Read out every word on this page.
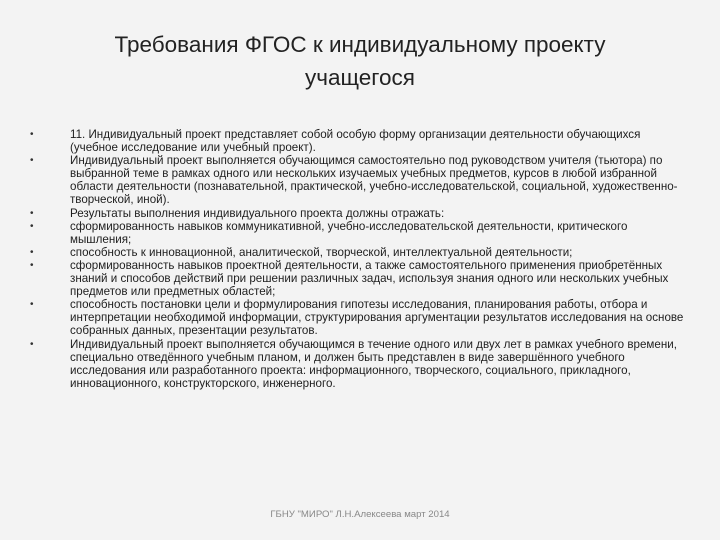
Требования ФГОС к индивидуальному проекту
учащегося
•	11. Индивидуальный проект представляет собой особую форму организации деятельности обучающихся (учебное исследование или учебный проект).
•	Индивидуальный проект выполняется обучающимся самостоятельно под руководством учителя (тьютора) по выбранной теме в рамках одного или нескольких изучаемых учебных предметов, курсов в любой избранной области деятельности (познавательной, практической, учебно-исследовательской, социальной, художественно-творческой, иной).
•	Результаты выполнения индивидуального проекта должны отражать:
•	сформированность навыков коммуникативной, учебно-исследовательской деятельности, критического мышления;
•	способность к инновационной, аналитической, творческой, интеллектуальной деятельности;
•	сформированность навыков проектной деятельности, а также самостоятельного применения приобретённых знаний и способов действий при решении различных задач, используя знания одного или нескольких учебных предметов или предметных областей;
•	способность постановки цели и формулирования гипотезы исследования, планирования работы, отбора и интерпретации необходимой информации, структурирования аргументации результатов исследования на основе собранных данных, презентации результатов.
•	Индивидуальный проект выполняется обучающимся в течение одного или двух лет в рамках учебного времени, специально отведённого учебным планом, и должен быть представлен в виде завершённого учебного исследования или разработанного проекта: информационного, творческого, социального, прикладного, инновационного, конструкторского, инженерного.
ГБНУ "МИРО" Л.Н.Алексеева март 2014
